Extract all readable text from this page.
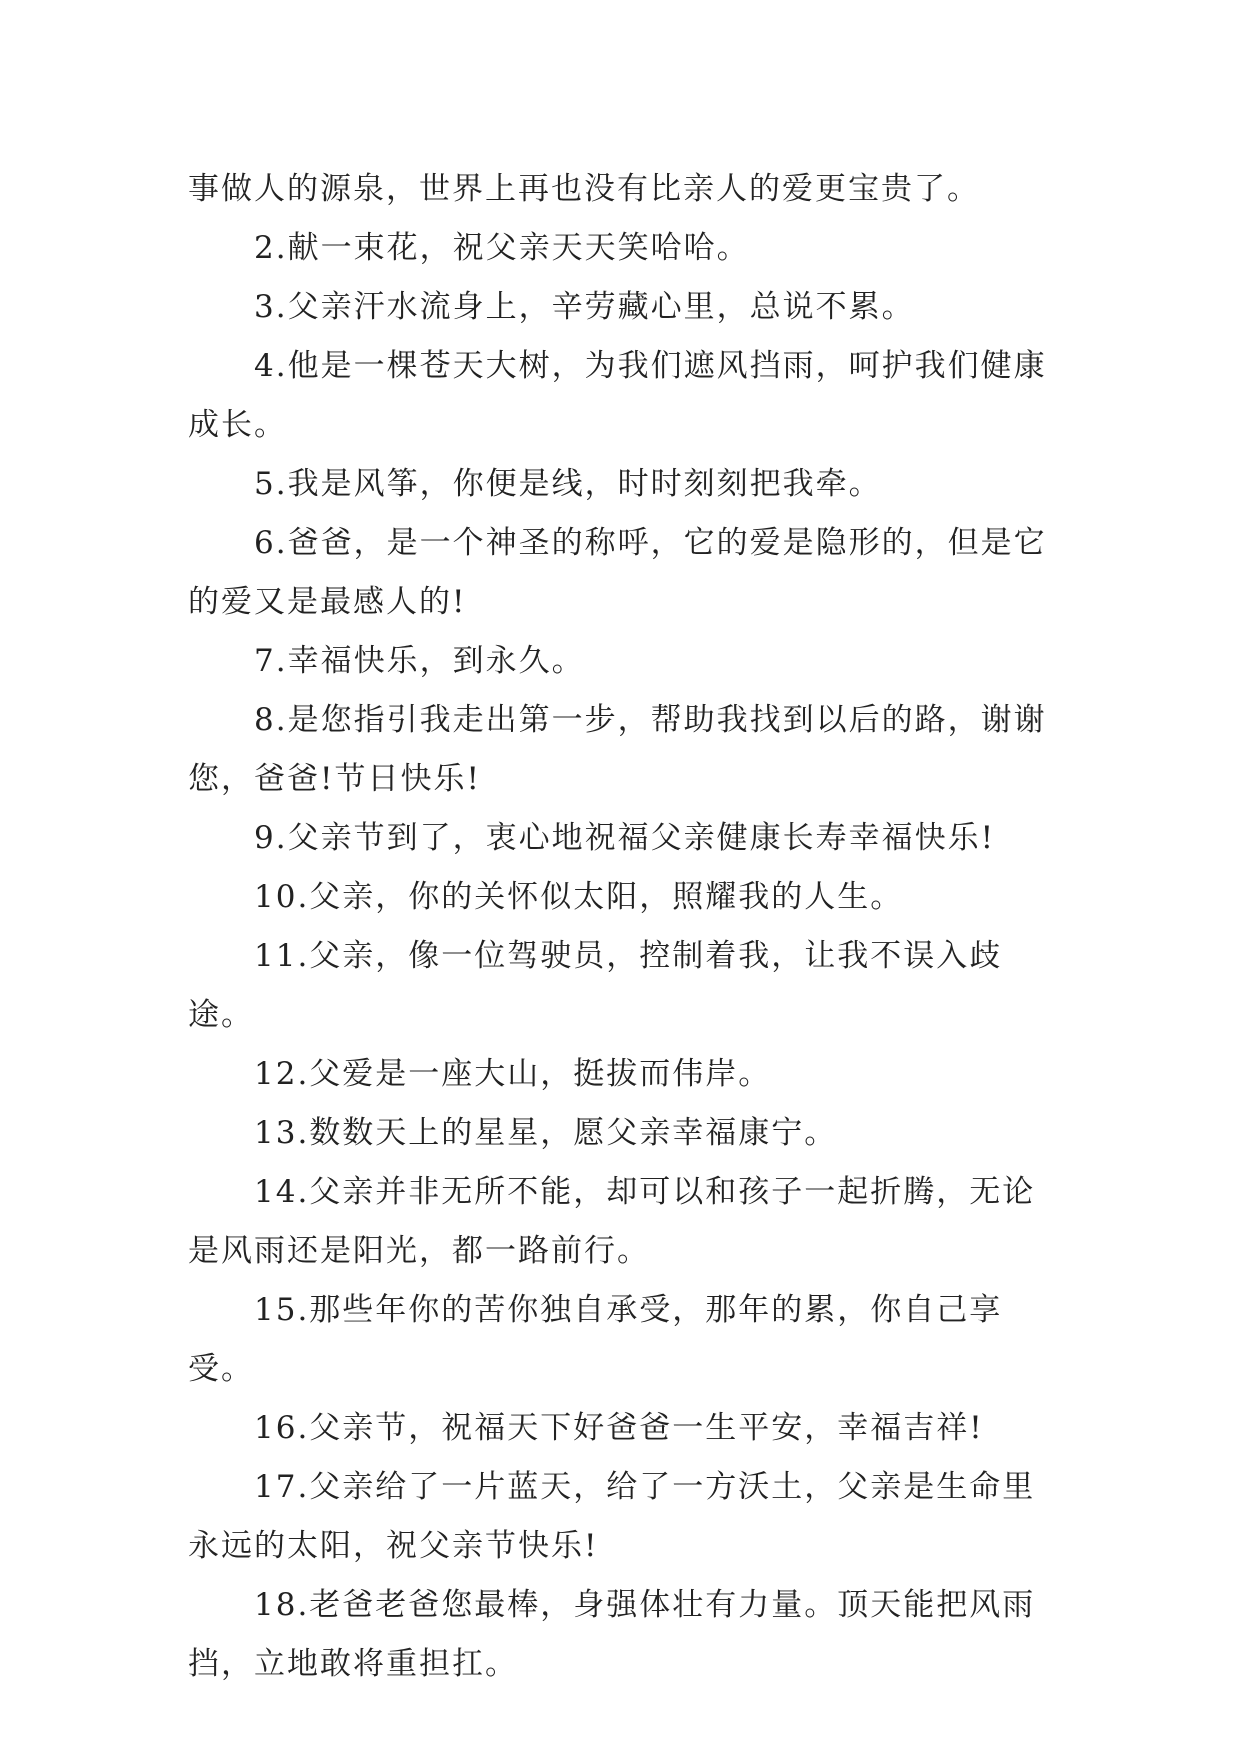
事做人的源泉，世界上再也没有比亲人的爱更宝贵了。

2.献一束花，祝父亲天天笑哈哈。

3.父亲汗水流身上，辛劳藏心里，总说不累。

4.他是一棵苍天大树，为我们遮风挡雨，呵护我们健康成长。

5.我是风筝，你便是线，时时刻刻把我牵。

6.爸爸，是一个神圣的称呼，它的爱是隐形的，但是它的爱又是最感人的!

7.幸福快乐，到永久。

8.是您指引我走出第一步，帮助我找到以后的路，谢谢您，爸爸!节日快乐!

9.父亲节到了，衷心地祝福父亲健康长寿幸福快乐!

10.父亲，你的关怀似太阳，照耀我的人生。

11.父亲，像一位驾驶员，控制着我，让我不误入歧途。

12.父爱是一座大山，挺拔而伟岸。

13.数数天上的星星，愿父亲幸福康宁。

14.父亲并非无所不能，却可以和孩子一起折腾，无论是风雨还是阳光，都一路前行。

15.那些年你的苦你独自承受，那年的累，你自己享受。

16.父亲节，祝福天下好爸爸一生平安，幸福吉祥!

17.父亲给了一片蓝天，给了一方沃土，父亲是生命里永远的太阳，祝父亲节快乐!

18.老爸老爸您最棒，身强体壮有力量。顶天能把风雨挡，立地敢将重担扛。
